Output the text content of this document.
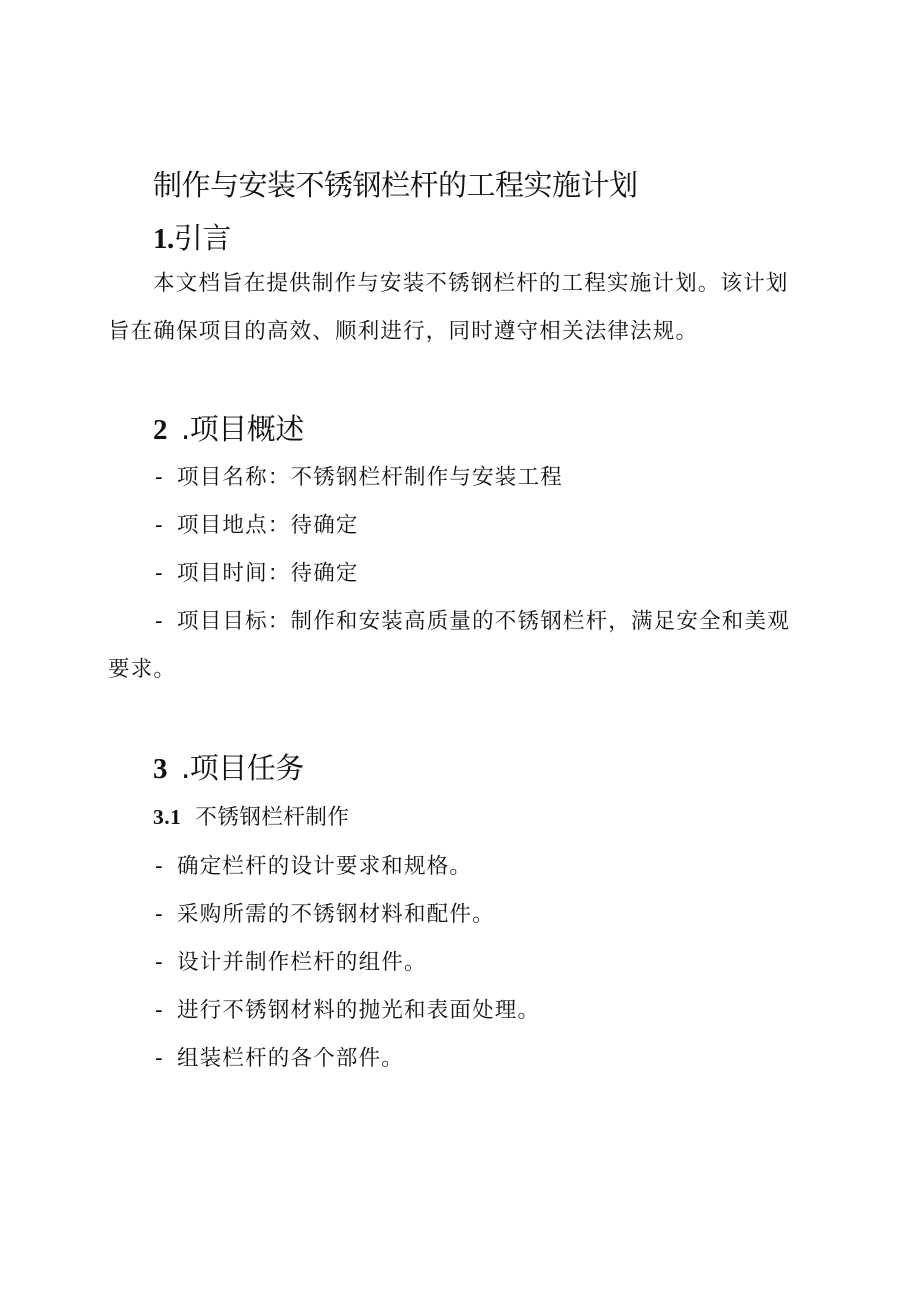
制作与安装不锈钢栏杆的工程实施计划
1.引言
本文档旨在提供制作与安装不锈钢栏杆的工程实施计划。该计划
旨在确保项目的高效、顺利进行，同时遵守相关法律法规。
2 .项目概述
- 项目名称：不锈钢栏杆制作与安装工程
- 项目地点：待确定
- 项目时间：待确定
- 项目目标：制作和安装高质量的不锈钢栏杆，满足安全和美观
要求。
3 .项目任务
3.1 不锈钢栏杆制作
- 确定栏杆的设计要求和规格。
- 采购所需的不锈钢材料和配件。
- 设计并制作栏杆的组件。
- 进行不锈钢材料的抛光和表面处理。
- 组装栏杆的各个部件。
